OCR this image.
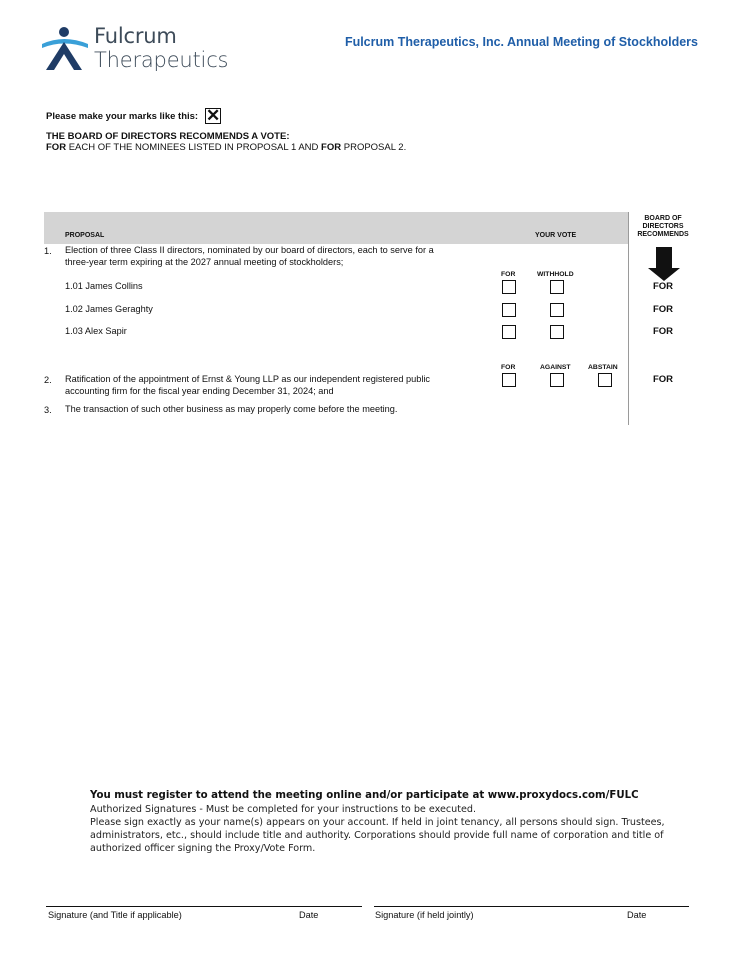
Fulcrum
Therapeutics
Fulcrum Therapeutics, Inc. Annual Meeting of Stockholders
Please make your marks like this: ✕
THE BOARD OF DIRECTORS RECOMMENDS A VOTE:
FOR EACH OF THE NOMINEES LISTED IN PROPOSAL 1 AND FOR PROPOSAL 2.
PROPOSAL	YOUR VOTE
BOARD OF
DIRECTORS
RECOMMENDS
1. Election of three Class II directors, nominated by our board of directors, each to serve for a
three-year term expiring at the 2027 annual meeting of stockholders;
FOR	WITHHOLD
1.01 James Collins	FOR
1.02 James Geraghty	FOR
1.03 Alex Sapir	FOR
FOR	AGAINST	ABSTAIN
2. Ratification of the appointment of Ernst & Young LLP as our independent registered public
accounting firm for the fiscal year ending December 31, 2024; and
FOR
3. The transaction of such other business as may properly come before the meeting.
You must register to attend the meeting online and/or participate at www.proxydocs.com/FULC
Authorized Signatures - Must be completed for your instructions to be executed.
Please sign exactly as your name(s) appears on your account. If held in joint tenancy, all persons should sign. Trustees,
administrators, etc., should include title and authority. Corporations should provide full name of corporation and title of
authorized officer signing the Proxy/Vote Form.
Signature (and Title if applicable)	Date	Signature (if held jointly)	Date
